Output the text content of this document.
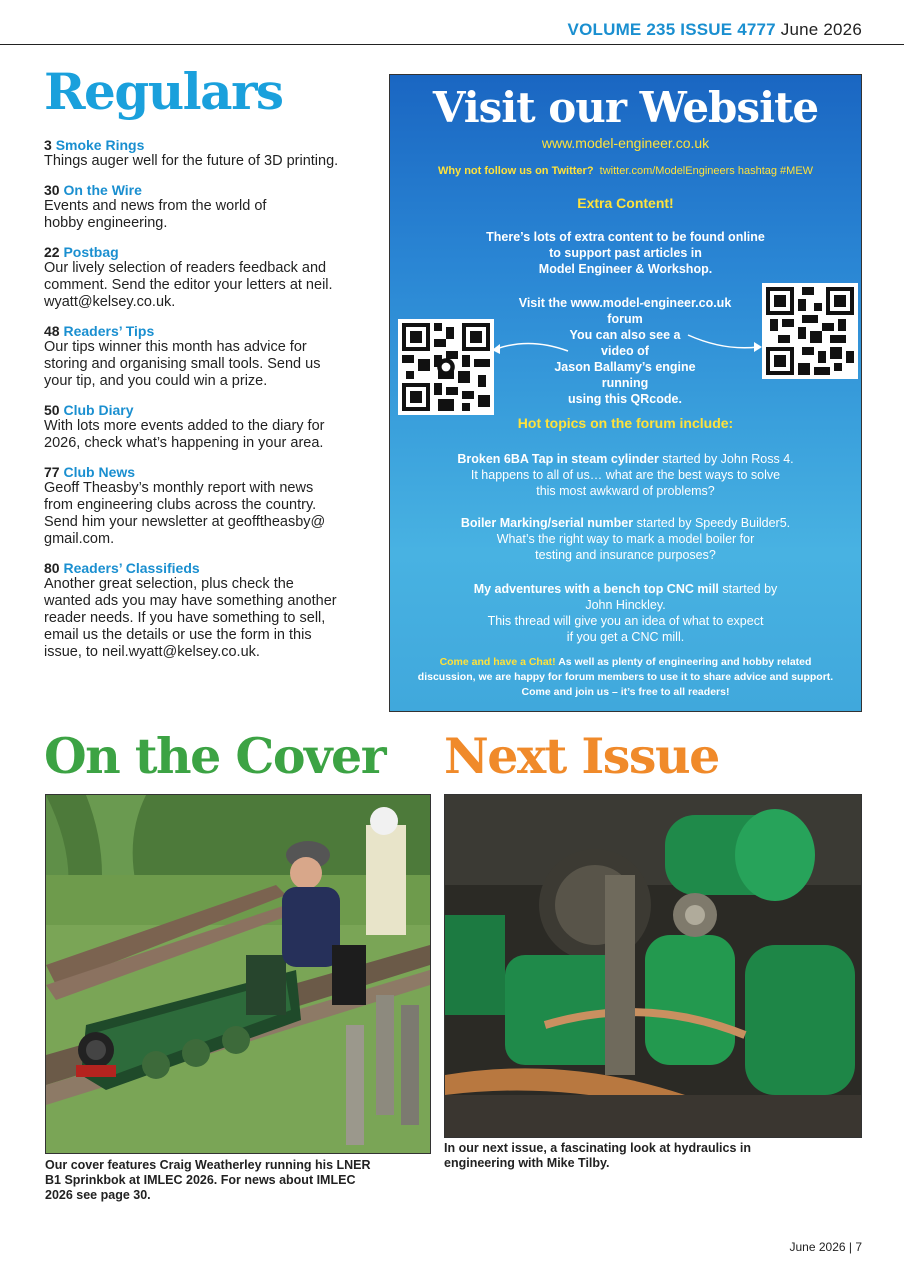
VOLUME 235 ISSUE 4777 June 2026
Regulars
3 Smoke Rings
Things auger well for the future of 3D printing.
30 On the Wire
Events and news from the world of
hobby engineering.
22 Postbag
Our lively selection of readers feedback and
comment. Send the editor your letters at neil.
wyatt@kelsey.co.uk.
48 Readers’ Tips
Our tips winner this month has advice for
storing and organising small tools. Send us
your tip, and you could win a prize.
50 Club Diary
With lots more events added to the diary for
2026, check what’s happening in your area.
77 Club News
Geoff Theasby’s monthly report with news
from engineering clubs across the country.
Send him your newsletter at geofftheasby@
gmail.com.
80 Readers’ Classifieds
Another great selection, plus check the
wanted ads you may have something another
reader needs. If you have something to sell,
email us the details or use the form in this
issue, to neil.wyatt@kelsey.co.uk.
Visit our Website
www.model-engineer.co.uk
Why not follow us on Twitter? twitter.com/ModelEngineers hashtag #MEW
Extra Content!
There’s lots of extra content to be found online
to support past articles in
Model Engineer & Workshop.
Visit the www.model-engineer.co.uk
forum
You can also see a
video of
Jason Ballamy’s engine
running
using this QRcode.
Hot topics on the forum include:
Broken 6BA Tap in steam cylinder started by John Ross 4.
It happens to all of us… what are the best ways to solve
this most awkward of problems?
Boiler Marking/serial number started by Speedy Builder5.
What’s the right way to mark a model boiler for
testing and insurance purposes?
My adventures with a bench top CNC mill started by
John Hinckley.
This thread will give you an idea of what to expect
if you get a CNC mill.
Come and have a Chat! As well as plenty of engineering and hobby related discussion, we are happy for forum members to use it to share advice and support. Come and join us – it’s free to all readers!
On the Cover Next Issue
Our cover features Craig Weatherley running his LNER
B1 Sprinkbok at IMLEC 2026. For news about IMLEC
2026 see page 30.
In our next issue, a fascinating look at hydraulics in
engineering with Mike Tilby.
June 2026 | 7
